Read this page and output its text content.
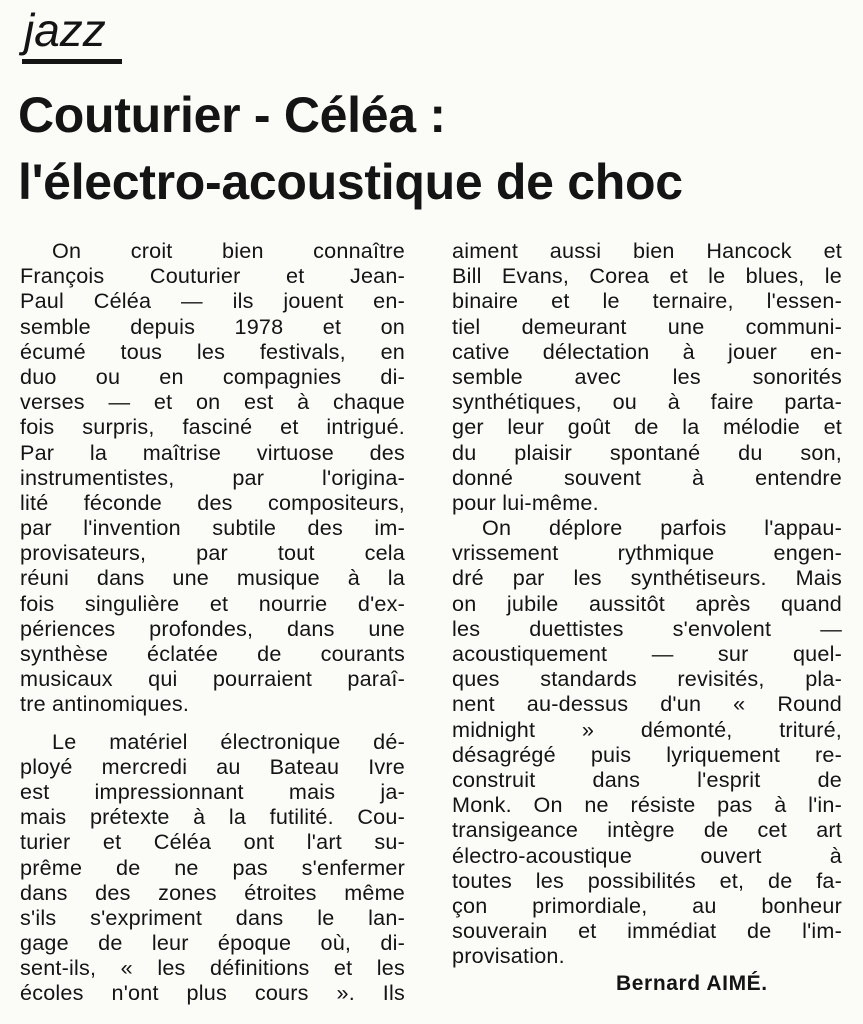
jazz
Couturier - Céléa :
l'électro-acoustique de choc
On croit bien connaître
François Couturier et Jean-
Paul Céléa — ils jouent en-
semble depuis 1978 et on
écumé tous les festivals, en
duo ou en compagnies di-
verses — et on est à chaque
fois surpris, fasciné et intrigué.
Par la maîtrise virtuose des
instrumentistes, par l'origina-
lité féconde des compositeurs,
par l'invention subtile des im-
provisateurs, par tout cela
réuni dans une musique à la
fois singulière et nourrie d'ex-
périences profondes, dans une
synthèse éclatée de courants
musicaux qui pourraient paraî-
tre antinomiques.
Le matériel électronique dé-
ployé mercredi au Bateau Ivre
est impressionnant mais ja-
mais prétexte à la futilité. Cou-
turier et Céléa ont l'art su-
prême de ne pas s'enfermer
dans des zones étroites même
s'ils s'expriment dans le lan-
gage de leur époque où, di-
sent-ils, « les définitions et les
écoles n'ont plus cours ». Ils
aiment aussi bien Hancock et
Bill Evans, Corea et le blues, le
binaire et le ternaire, l'essen-
tiel demeurant une communi-
cative délectation à jouer en-
semble avec les sonorités
synthétiques, ou à faire parta-
ger leur goût de la mélodie et
du plaisir spontané du son,
donné souvent à entendre
pour lui-même.
On déplore parfois l'appau-
vrissement rythmique engen-
dré par les synthétiseurs. Mais
on jubile aussitôt après quand
les duettistes s'envolent —
acoustiquement — sur quel-
ques standards revisités, pla-
nent au-dessus d'un « Round
midnight » démonté, trituré,
désagrégé puis lyriquement re-
construit dans l'esprit de
Monk. On ne résiste pas à l'in-
transigeance intègre de cet art
électro-acoustique ouvert à
toutes les possibilités et, de fa-
çon primordiale, au bonheur
souverain et immédiat de l'im-
provisation.
Bernard AIMÉ.
